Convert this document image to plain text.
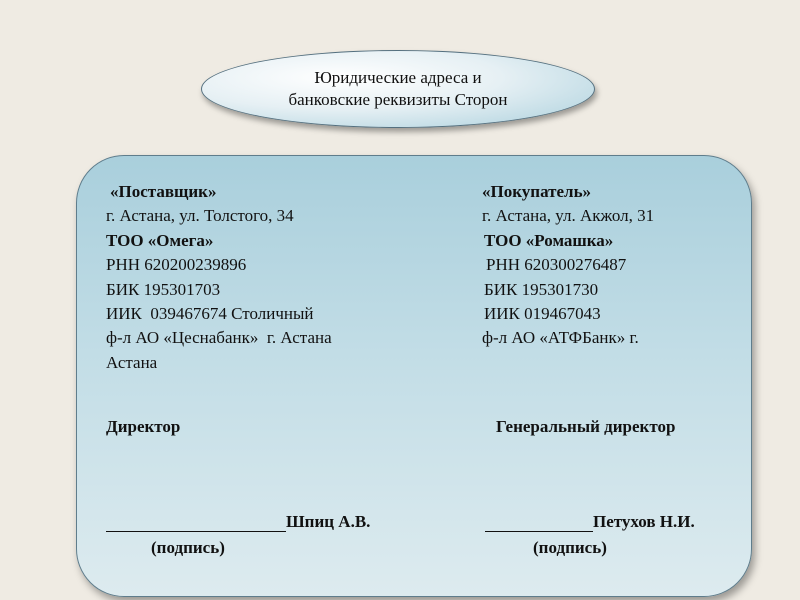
Юридические адреса и
банковские реквизиты Сторон
«Поставщик»
г. Астана, ул. Толстого, 34
ТОО «Омега»
РНН 620200239896
БИК 195301703
ИИК  039467674 Столичный
ф-л АО «Цеснабанк»  г. Астана
Астана
«Покупатель»
г. Астана, ул. Акжол, 31
ТОО «Ромашка»
РНН 620300276487
БИК 195301730
ИИК 019467043
ф-л АО «АТФБанк» г.
Директор	Генеральный директор
Шпиц А.В.	Петухов Н.И.
(подпись)	(подпись)
